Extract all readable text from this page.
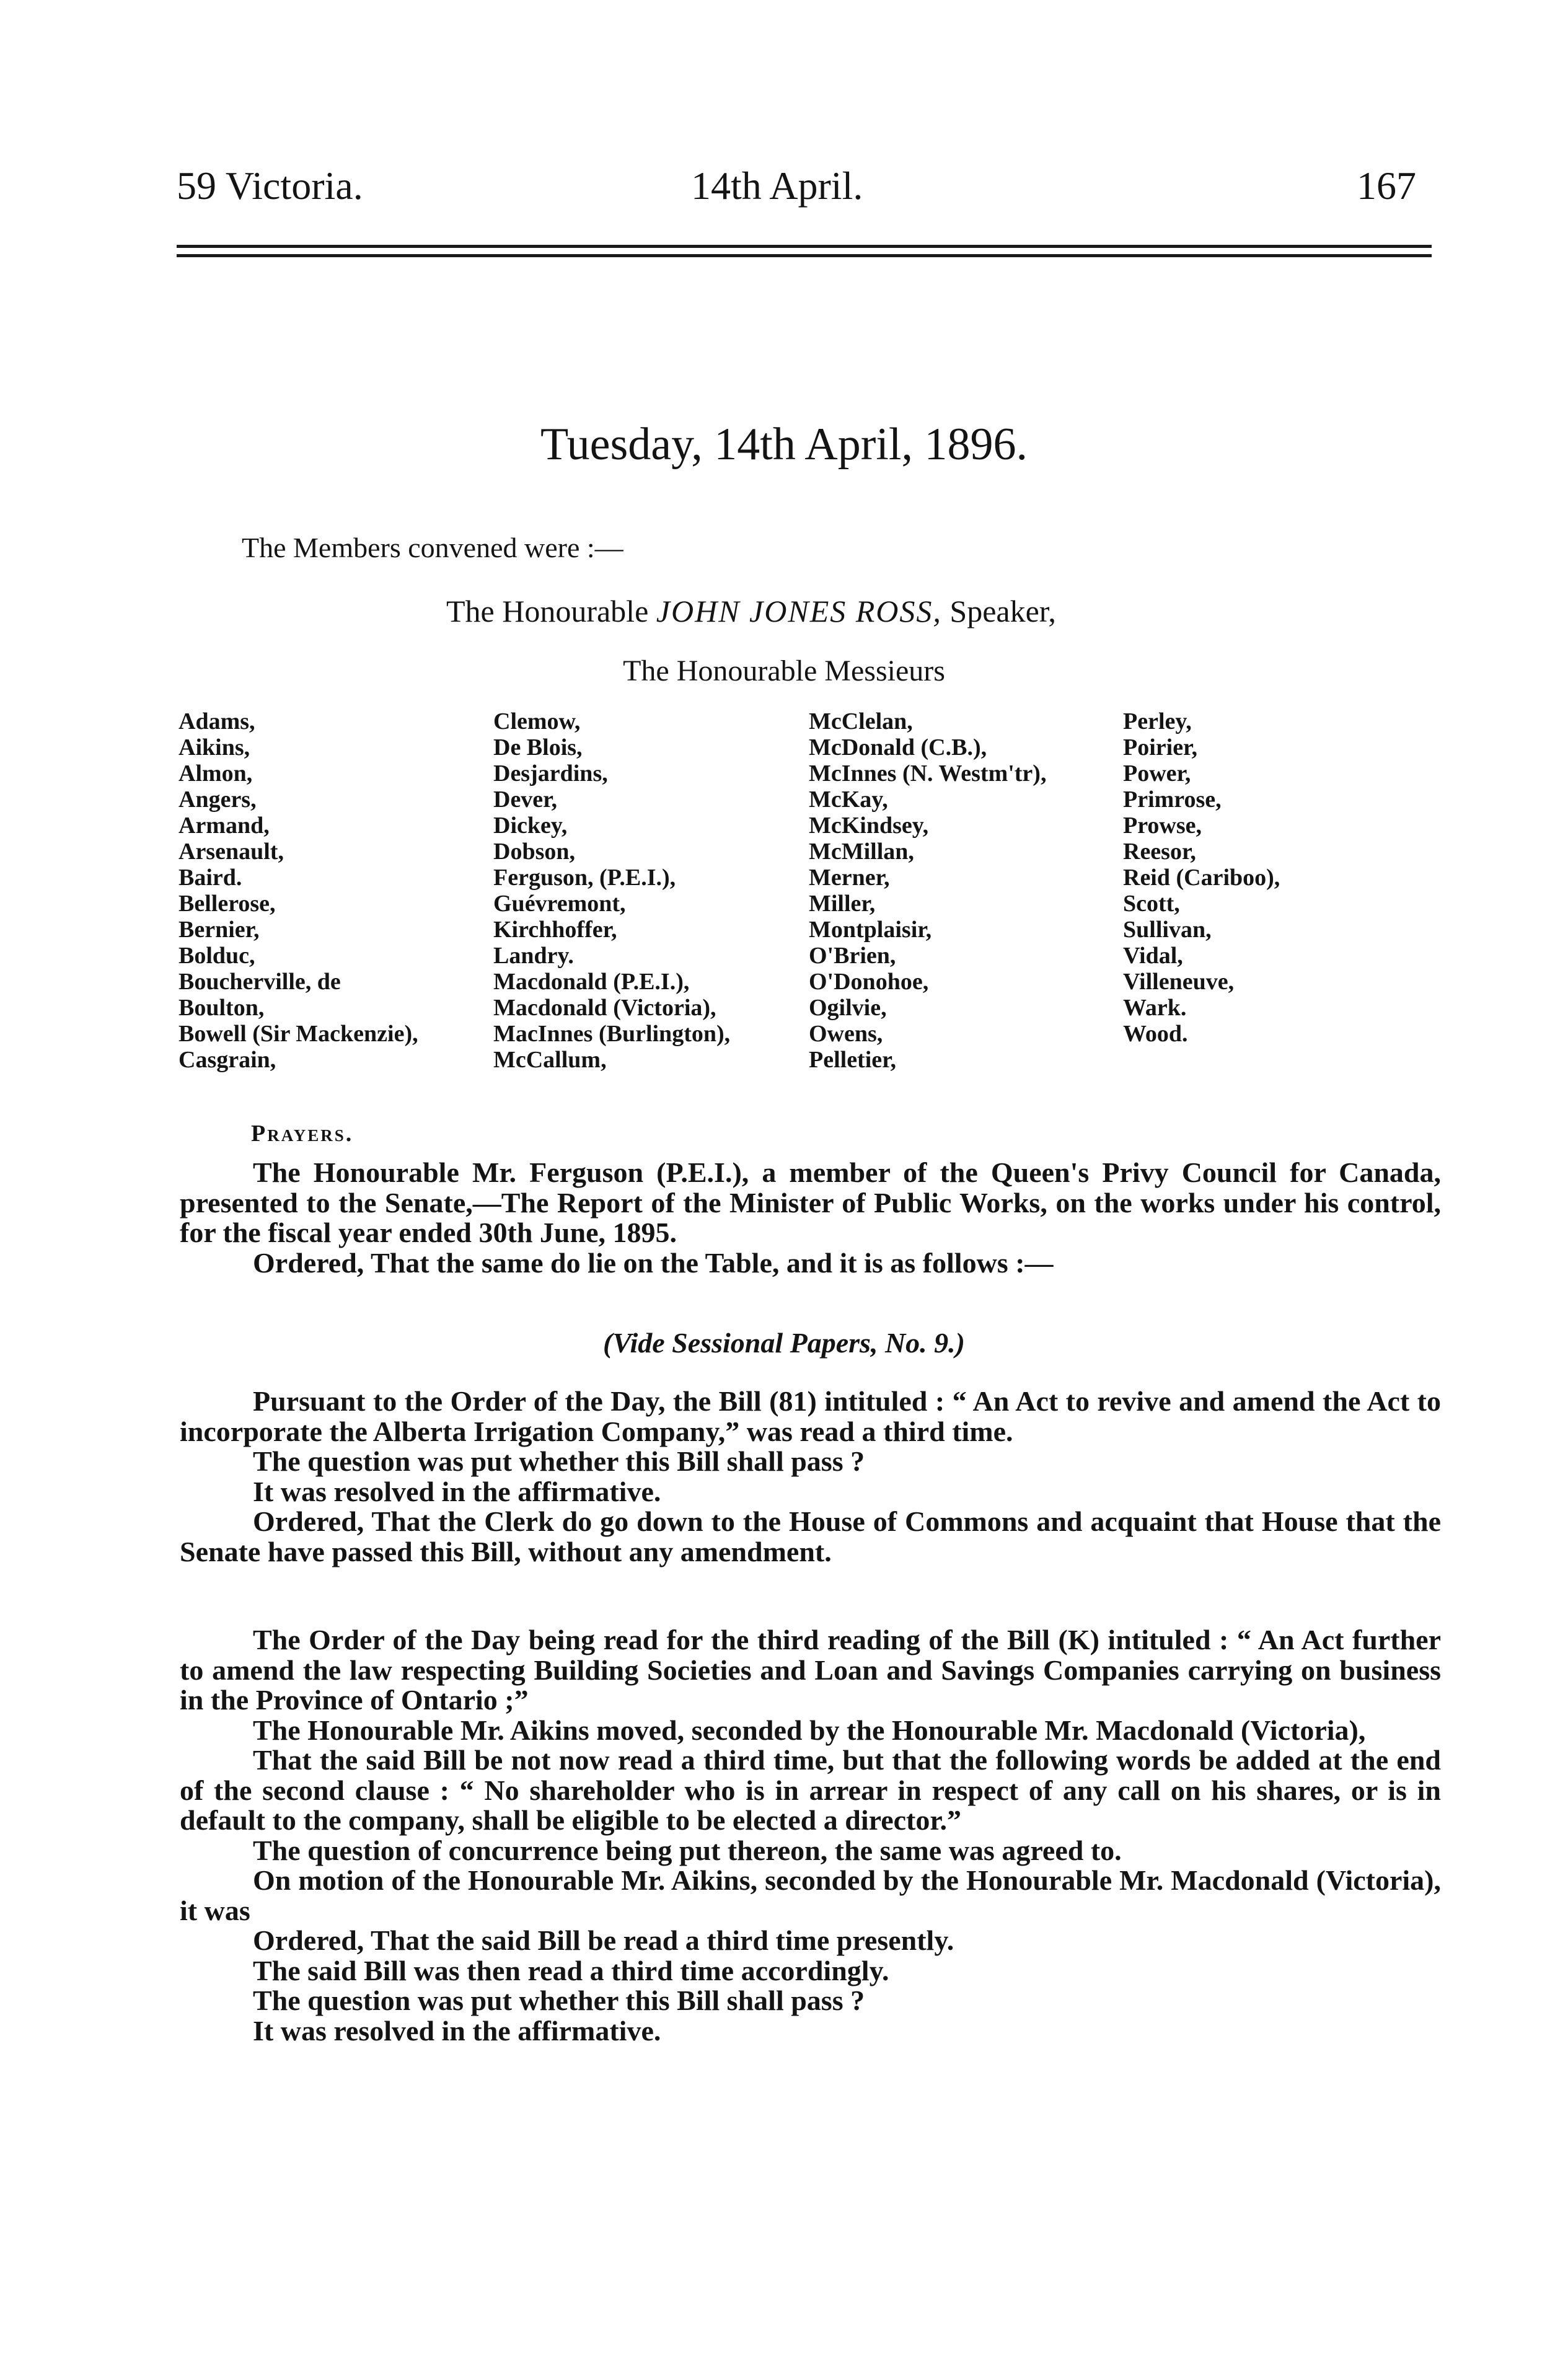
59 Victoria.	14th April.	167
Tuesday, 14th April, 1896.
The Members convened were :—
The Honourable JOHN JONES ROSS, Speaker,
The Honourable Messieurs
Adams,
Aikins,
Almon,
Angers,
Armand,
Arsenault,
Baird.
Bellerose,
Bernier,
Bolduc,
Boucherville, de
Boulton,
Bowell (Sir Mackenzie),
Casgrain,
Clemow,
De Blois,
Desjardins,
Dever,
Dickey,
Dobson,
Ferguson, (P.E.I.),
Guévremont,
Kirchhoffer,
Landry.
Macdonald (P.E.I.),
Macdonald (Victoria),
MacInnes (Burlington),
McCallum,
McClelan,
McDonald (C.B.),
McInnes (N. Westm'tr),
McKay,
McKindsey,
McMillan,
Merner,
Miller,
Montplaisir,
O'Brien,
O'Donohoe,
Ogilvie,
Owens,
Pelletier,
Perley,
Poirier,
Power,
Primrose,
Prowse,
Reesor,
Reid (Cariboo),
Scott,
Sullivan,
Vidal,
Villeneuve,
Wark.
Wood.
Prayers.

The Honourable Mr. Ferguson (P.E.I.), a member of the Queen's Privy Council for Canada, presented to the Senate,—The Report of the Minister of Public Works, on the works under his control, for the fiscal year ended 30th June, 1895.

Ordered, That the same do lie on the Table, and it is as follows :—

(Vide Sessional Papers, No. 9.)

Pursuant to the Order of the Day, the Bill (81) intituled : “ An Act to revive and amend the Act to incorporate the Alberta Irrigation Company,” was read a third time.

The question was put whether this Bill shall pass ?

It was resolved in the affirmative.

Ordered, That the Clerk do go down to the House of Commons and acquaint that House that the Senate have passed this Bill, without any amendment.

The Order of the Day being read for the third reading of the Bill (K) intituled : “ An Act further to amend the law respecting Building Societies and Loan and Savings Companies carrying on business in the Province of Ontario ;”

The Honourable Mr. Aikins moved, seconded by the Honourable Mr. Macdonald (Victoria),

That the said Bill be not now read a third time, but that the following words be added at the end of the second clause : “ No shareholder who is in arrear in respect of any call on his shares, or is in default to the company, shall be eligible to be elected a director.”

The question of concurrence being put thereon, the same was agreed to.

On motion of the Honourable Mr. Aikins, seconded by the Honourable Mr. Macdonald (Victoria), it was

Ordered, That the said Bill be read a third time presently.

The said Bill was then read a third time accordingly.

The question was put whether this Bill shall pass ?

It was resolved in the affirmative.
